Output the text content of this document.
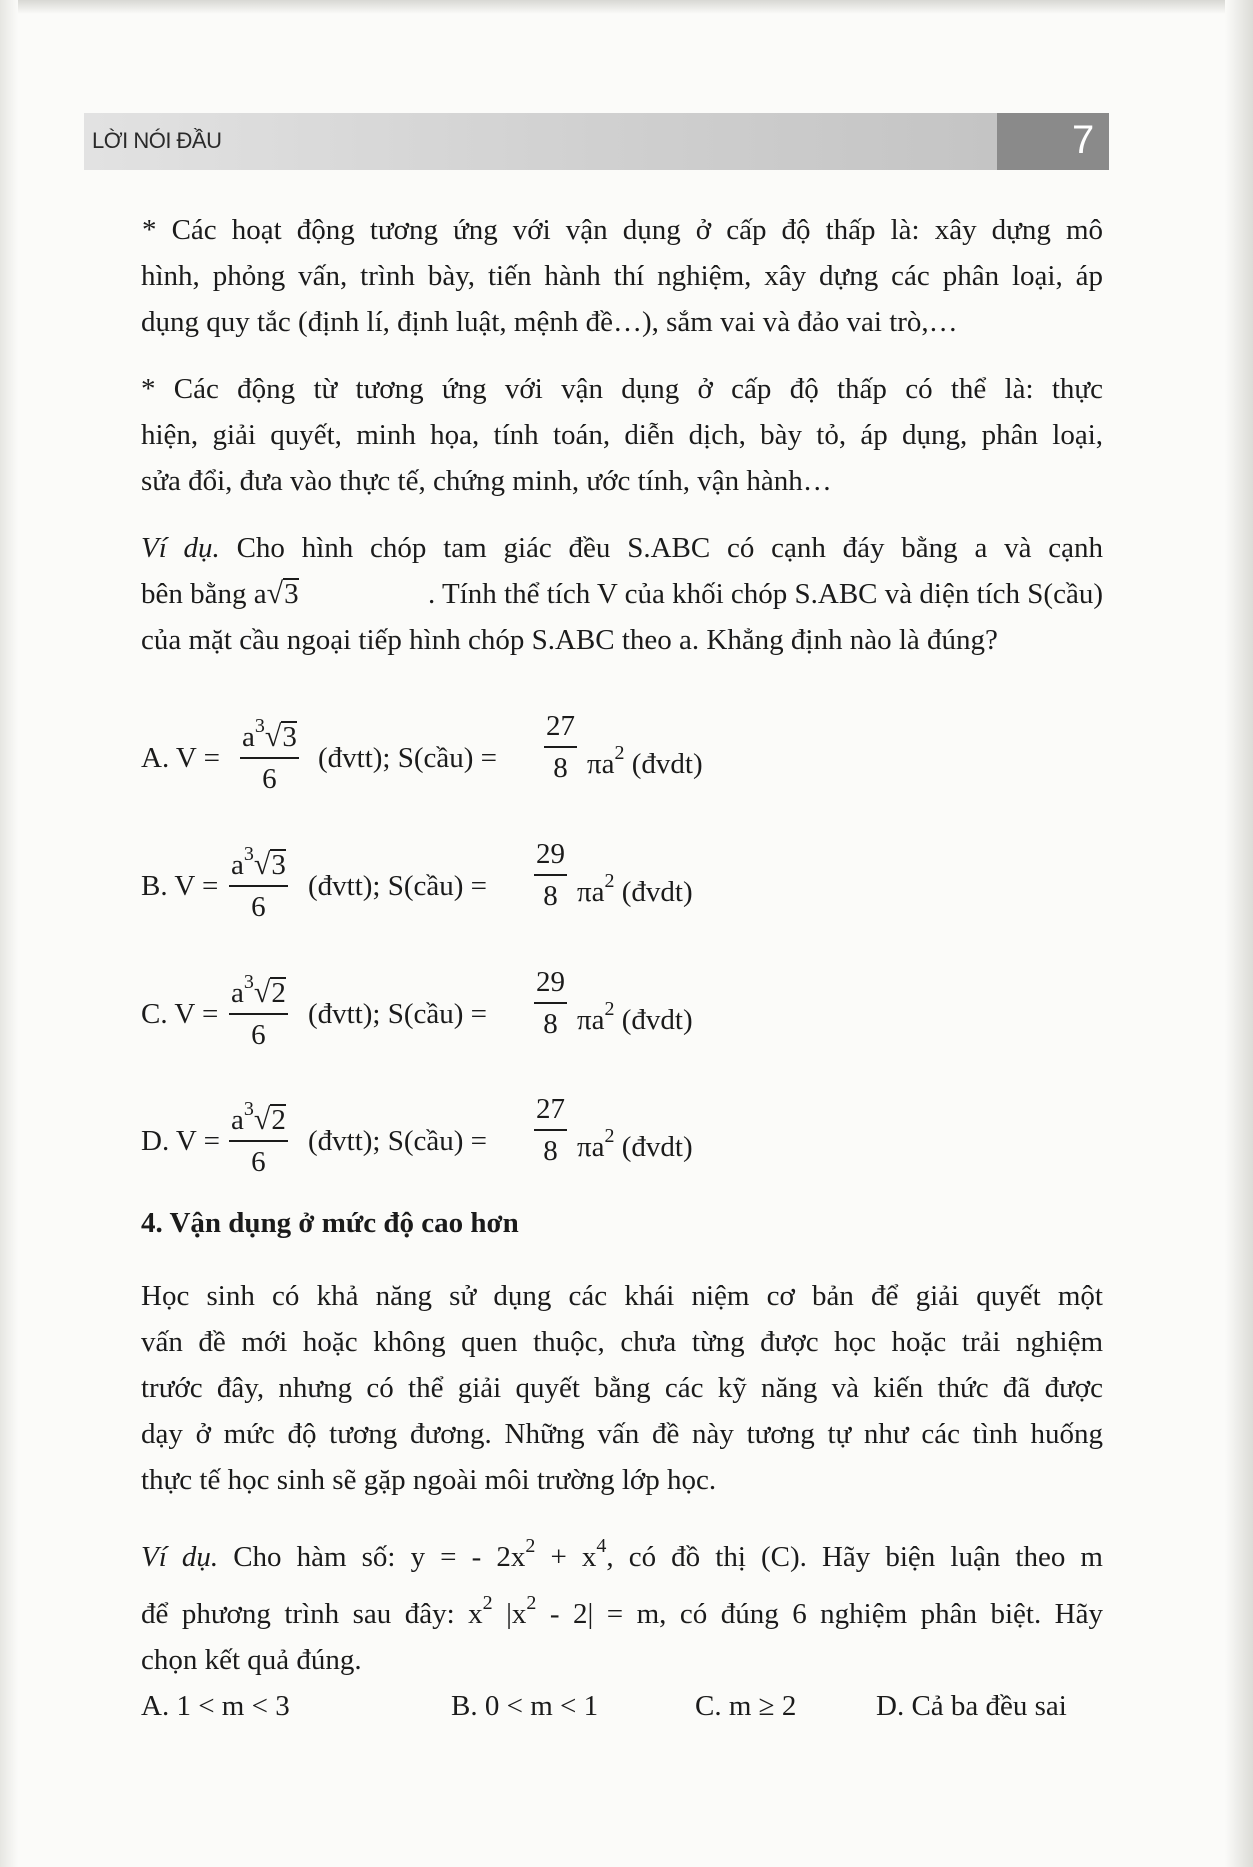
LỜI NÓI ĐẦU	7
* Các hoạt động tương ứng với vận dụng ở cấp độ thấp là: xây dựng mô
hình, phỏng vấn, trình bày, tiến hành thí nghiệm, xây dựng các phân loại, áp
dụng quy tắc (định lí, định luật, mệnh đề…), sắm vai và đảo vai trò,…
* Các động từ tương ứng với vận dụng ở cấp độ thấp có thể là: thực
hiện, giải quyết, minh họa, tính toán, diễn dịch, bày tỏ, áp dụng, phân loại,
sửa đổi, đưa vào thực tế, chứng minh, ước tính, vận hành…
Ví dụ. Cho hình chóp tam giác đều S.ABC có cạnh đáy bằng a và cạnh
bên bằng a√3	. Tính thể tích V của khối chóp S.ABC và diện tích S(cầu)
của mặt cầu ngoại tiếp hình chóp S.ABC theo a. Khẳng định nào là đúng?
A. $V = \frac{a^3√3}{6}$ (đvtt); S(cầu) = $\frac{27}{8} \pi a^2$ (đvdt)
B. $V = \frac{a^3√3}{6}$ (đvtt); S(cầu) = $\frac{29}{8} \pi a^2$ (đvdt)
C. $V = \frac{a^3√2}{6}$ (đvtt); S(cầu) = $\frac{29}{8} \pi a^2$ (đvdt)
D. $V = \frac{a^3√2}{6}$ (đvtt); S(cầu) = $\frac{27}{8} \pi a^2$ (đvdt)
4. Vận dụng ở mức độ cao hơn
Học sinh có khả năng sử dụng các khái niệm cơ bản để giải quyết một
vấn đề mới hoặc không quen thuộc, chưa từng được học hoặc trải nghiệm
trước đây, nhưng có thể giải quyết bằng các kỹ năng và kiến thức đã được
dạy ở mức độ tương đương. Những vấn đề này tương tự như các tình huống
thực tế học sinh sẽ gặp ngoài môi trường lớp học.
Ví dụ. Cho hàm số: y = - $2x^2 + x^4$, có đồ thị (C). Hãy biện luận theo m
để phương trình sau đây: $x^2$ $|x^2 - 2| = m$, có đúng 6 nghiệm phân biệt. Hãy
chọn kết quả đúng.
A. 1 < m < 3	B. 0 < m < 1	C. m ≥ 2	D. Cả ba đều sai
